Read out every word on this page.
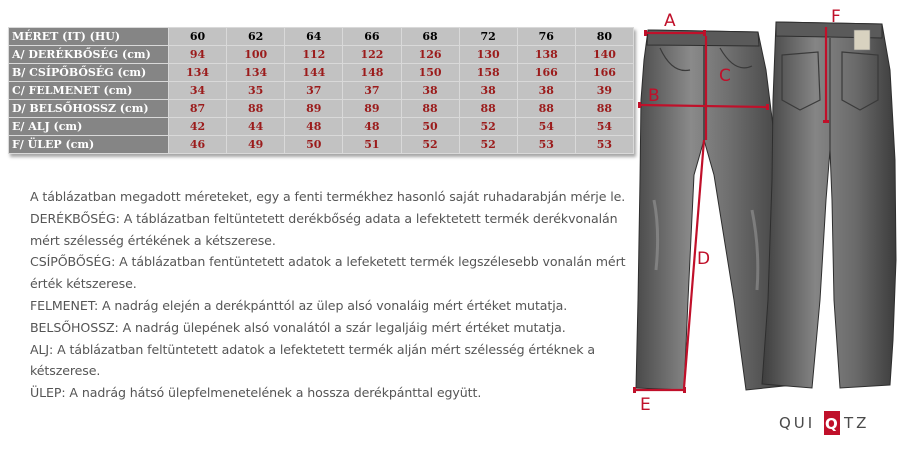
MÉRET (IT) (HU)	60	62	64	66	68	72	76	80
A/ DERÉKBŐSÉG (cm)	94	100	112	122	126	130	138	140
B/ CSÍPŐBŐSÉG (cm)	134	134	144	148	150	158	166	166
C/ FELMENET (cm)	34	35	37	37	38	38	38	39
D/ BELSŐHOSSZ (cm)	87	88	89	89	88	88	88	88
E/ ALJ (cm)	42	44	48	48	50	52	54	54
F/ ÜLEP (cm)	46	49	50	51	52	52	53	53

A táblázatban megadott méreteket, egy a fenti termékhez hasonló saját ruhadarabján mérje le.

DERÉKBŐSÉG: A táblázatban feltüntetett derékbőség adata a lefektetett termék derékvonalán mért szélesség értékének a kétszerese.

CSÍPŐBŐSÉG: A táblázatban fentüntetett adatok a lefeketett termék legszélesebb vonalán mért érték kétszerese.

FELMENET: A nadrág elején a derékpánttól az ülep alsó vonaláig mért értéket mutatja.

BELSŐHOSSZ: A nadrág ülepének alsó vonalától a szár legaljáig mért értéket mutatja.

ALJ: A táblázatban feltüntetett adatok a lefektetett termék alján mért szélesség értéknek a kétszerese.

ÜLEP: A nadrág hátsó ülepfelmenetelének a hossza derékpánttal együtt.

A
B
C
D
E
F
QUI Q TZ
